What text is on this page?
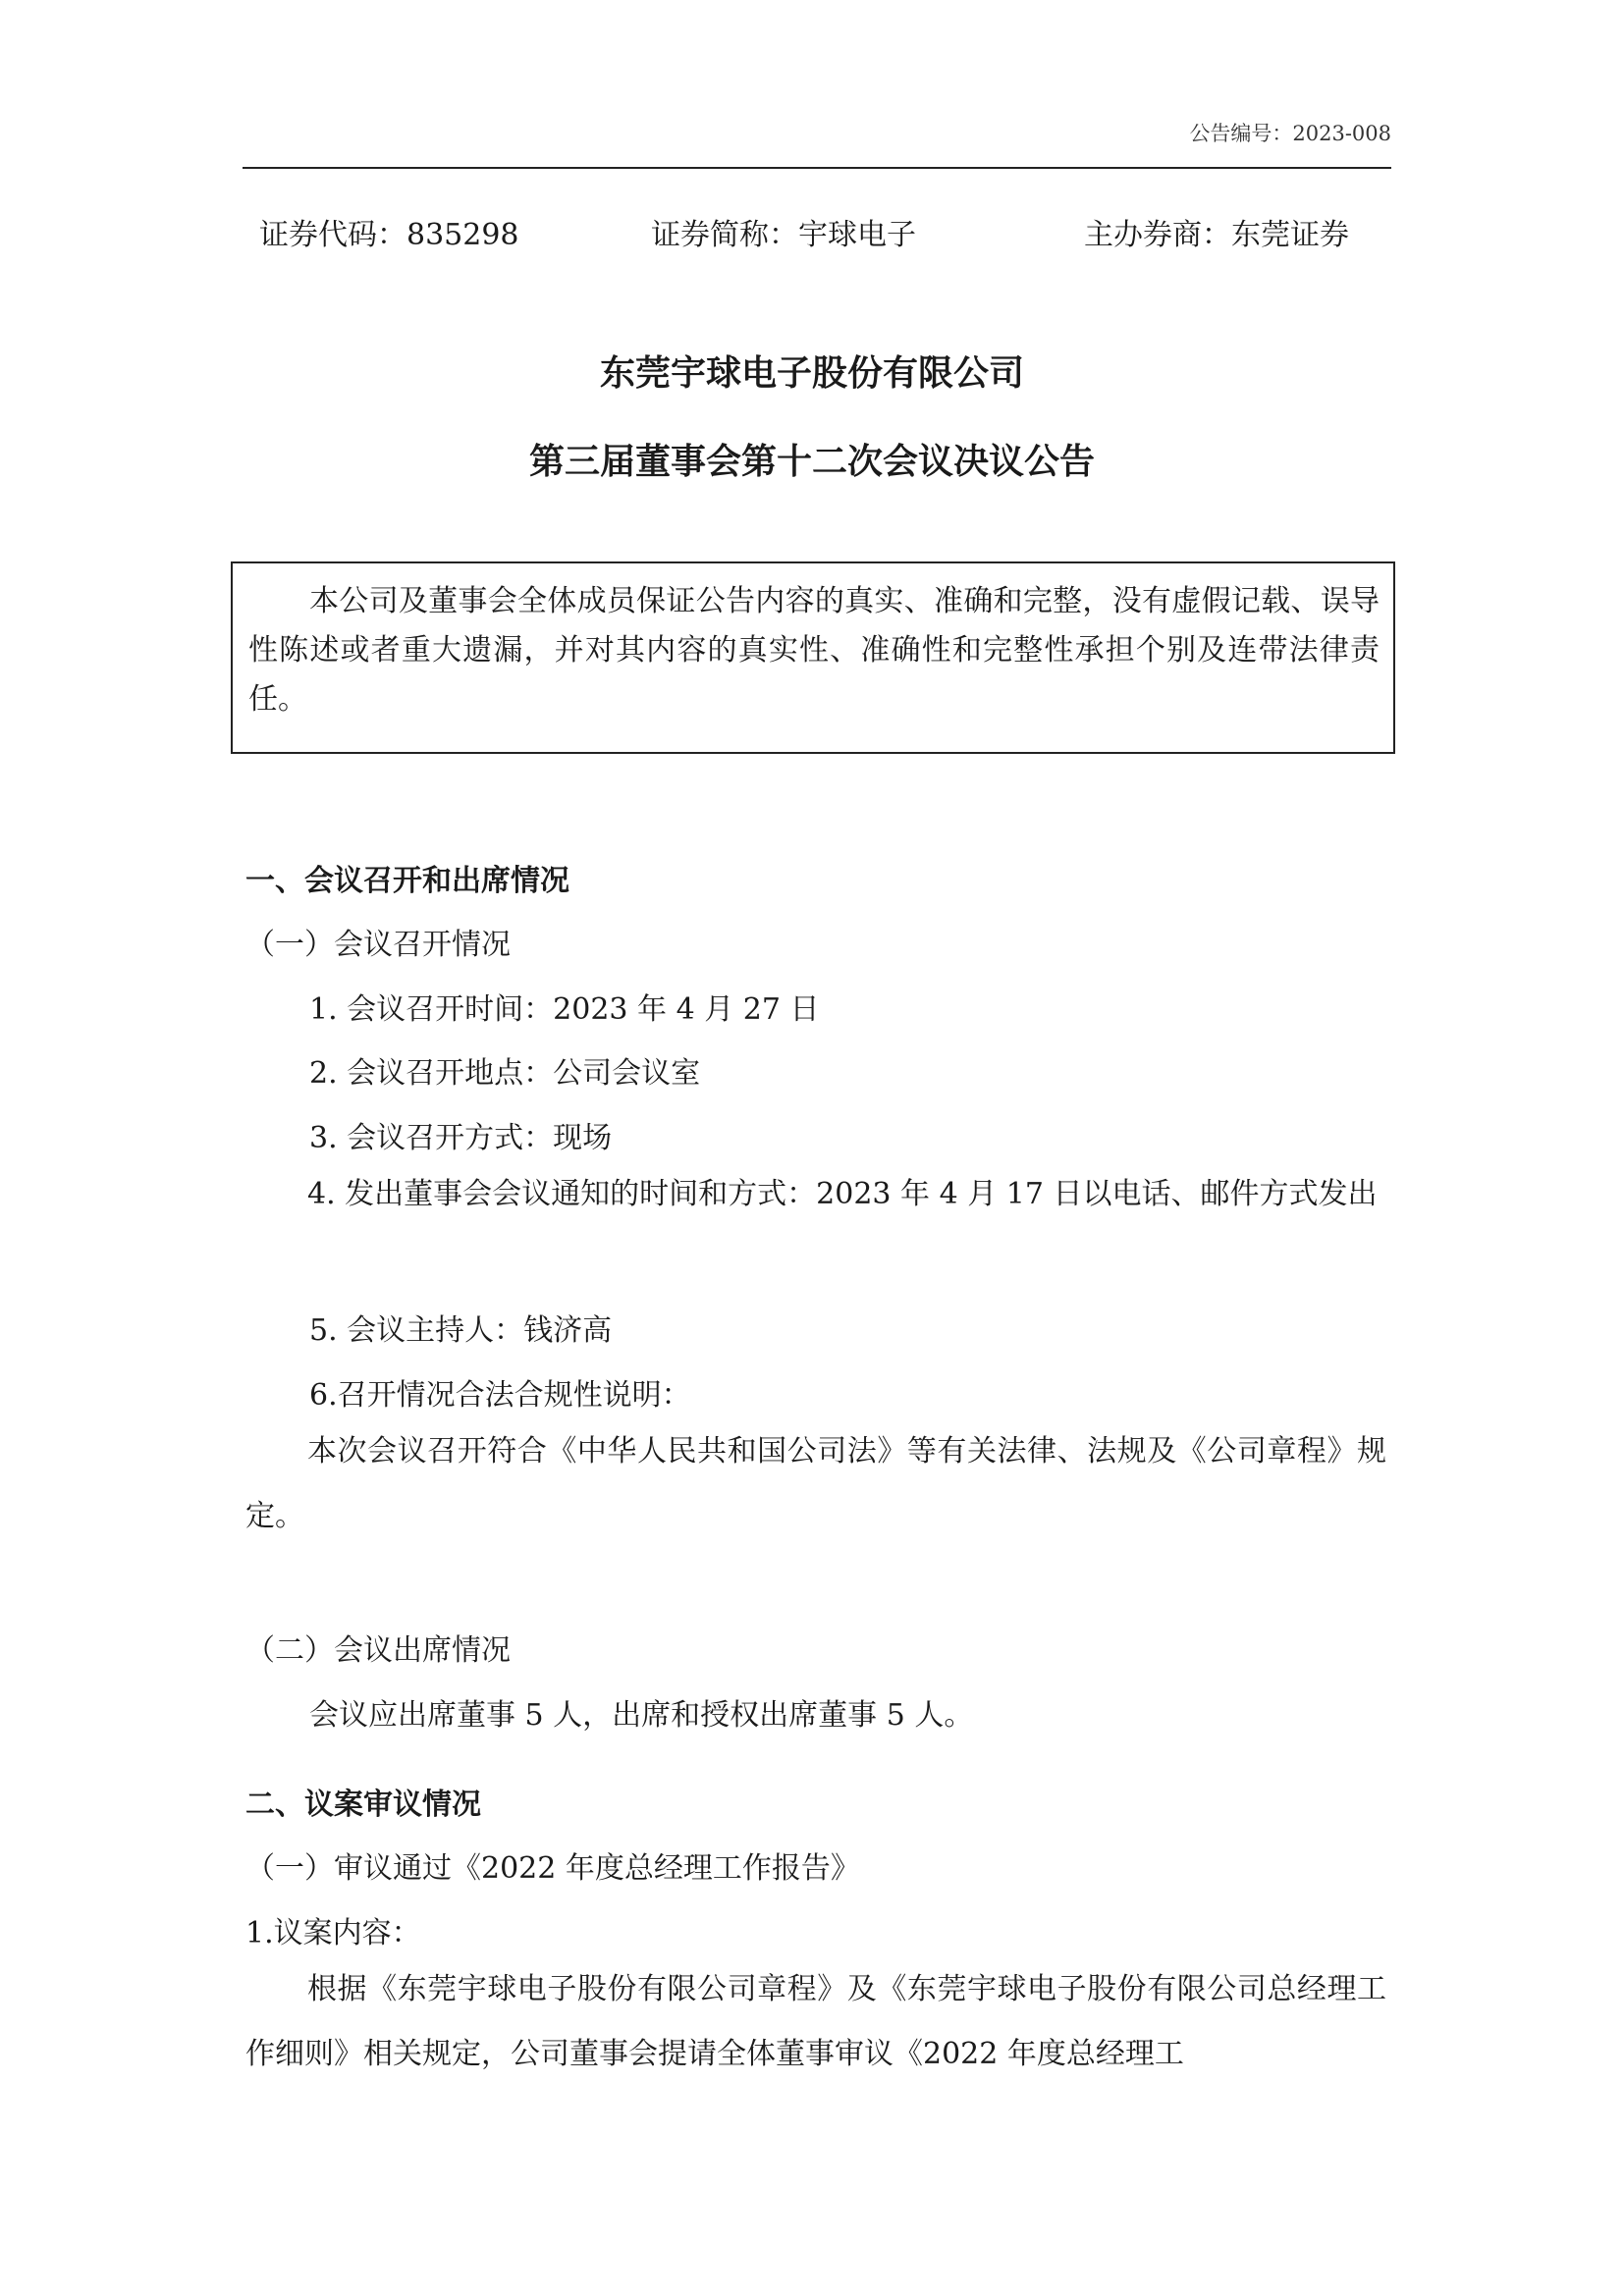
公告编号：2023-008
证券代码：835298	证券简称：宇球电子	主办券商：东莞证券
东莞宇球电子股份有限公司
第三届董事会第十二次会议决议公告

本公司及董事会全体成员保证公告内容的真实、准确和完整，没有虚假记载、误导性陈述或者重大遗漏，并对其内容的真实性、准确性和完整性承担个别及连带法律责任。

一、会议召开和出席情况
（一）会议召开情况
1. 会议召开时间：2023 年 4 月 27 日
2. 会议召开地点：公司会议室
3. 会议召开方式：现场

4. 发出董事会会议通知的时间和方式：2023 年 4 月 17 日以电话、邮件方式发出

5. 会议主持人：钱济高
6.召开情况合法合规性说明：

本次会议召开符合《中华人民共和国公司法》等有关法律、法规及《公司章程》规定。

（二）会议出席情况
会议应出席董事 5 人，出席和授权出席董事 5 人。
二、议案审议情况
（一）审议通过《2022 年度总经理工作报告》
1.议案内容：

根据《东莞宇球电子股份有限公司章程》及《东莞宇球电子股份有限公司总经理工作细则》相关规定，公司董事会提请全体董事审议《2022 年度总经理工
